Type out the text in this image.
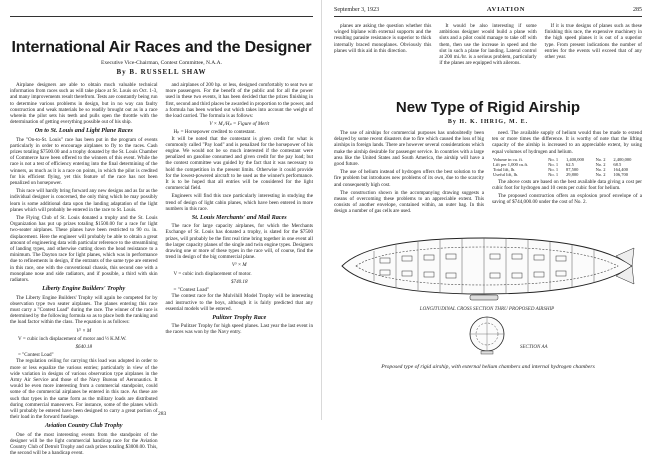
International Air Races and the Designer
Executive Vice-Chairman, Contest Committee, N.A.A.
By B. RUSSELL SHAW

Airplane designers are able to obtain much valuable technical information from races such as will take place at St. Louis on Oct. 1-3, and many improvements result therefrom. Tests are constantly being run to determine various problems in design, but in no way can faulty construction and weak materials be so readily brought out as in a race wherein the pilot sets his teeth and pulls open the throttle with the determination of getting everything possible out of his ship.

On to St. Louis and Light Plane Races

The "On-to-St. Louis" race has been put in the program of events particularly in order to encourage airplanes to fly to the races. Cash prizes totaling $7500.00 and a trophy donated by the St. Louis Chamber of Commerce have been offered to the winners of this event. While the race is not a test of efficiency entering into the final determining of the winners, as much as it is a race on points, in which the pilot is credited for his efficient flying, yet this feature of the race has not been penalized on horsepower.

This race will hardly bring forward any new designs and as far as the individual designer is concerned, the only thing which he may possibly learn is some additional data upon the landing adaptation of the light planes which will probably be entered in the race to St. Louis.

The Flying Club of St. Louis donated a trophy and the St. Louis Organization has put up prizes totaling $1500.00 for a race for light two-seater airplanes. These planes have been restricted to 90 cu. in. displacement. Here the engineer will probably be able to obtain a great amount of engineering data with particular reference to the streamlining of landing types, and otherwise cutting down the head resistance to a minimum. The Dayton race for light planes, which was in performance due to refinements in design, if the entrants of the same type are entered in this race, one with the conventional chassis, this second one with a monoplane nose and side radiators, and if possible, a third with skin radiators.

Liberty Engine Builders' Trophy

The Liberty Engine Builders' Trophy will again be competed for by observation type two seater airplanes. The planes entering this race must carry a "Contest Load" during the race. The winner of the race is determined by the following formula so as to place both the ranking and the load factor within the class. The equation is as follows:

V² × M

V = cubic inch displacement of motor and ½ K.M.W.

$640.18

= "Contest Load"

The regulation ceiling for carrying this load was adopted in order to more or less equalize the various entries; particularly in view of the wide variation in designs of various observation type airplanes in the Army Air Service and those of the Navy Bureau of Aeronautics. It would be even more interesting from a commercial standpoint, could some of the commercial airplanes be entered in this race. As these are such that types in the same form as the military loads are distributed during commercial maneuvers. For instance, some of the planes which will probably be entered have been designed to carry a great portion of their load in the forward fuselage.

Aviation Country Club Trophy

One of the most interesting events from the standpoint of the designer will be the light commercial handicap race for the Aviation Country Club of Detroit Trophy and cash prizes totaling $3000.00. This, the second will be a handicap event.

and airplanes of 200 hp. or less, designed comfortably to seat two or more passengers. For the benefit of the public and for all the power used in these two events, it has been decided that the prizes finishing in first, second and third places be awarded in proportion to the power, and a formula has been worked out which takes into account the weight of the load carried. The formula is as follows:

V × M₁/Hₚ = Figure of Merit

Hₚ = Horsepower credited to contestant.

It will be noted that the contestant is given credit for what is commonly called "Pay load" and is penalized for the horsepower of his engine. We would not be so much interested if the contestant were penalized on gasoline consumed and given credit for the pay load; but the contest committee was guided by the fact that it was necessary to hold the competition in the present limits. Otherwise it could provide for the lowest-powered aircraft to be used as the winner's performance. It is to be hoped that all entries will be considered for the light commercial field.

Engineers will find this race particularly interesting in studying the trend of design of light cabin planes, which have been entered in more numbers in this race.

St. Louis Merchants' and Mail Races

The race for large capacity airplanes, for which the Merchants Exchange of St. Louis has donated a trophy, is slated for the $7500 prizes, will probably be the first real time bring together in one event all the larger capacity planes of the single and twin engine types. Designers drawing one or more of these types in the race will, of course, find the trend in design of the big commercial plane.

V³ × M

V = cubic inch displacement of motor.

$740.18

= "Contest Load"

The contest race for the Mulvihill Model Trophy will be interesting and instructive to the boys, although it is fairly predicted that any essential models will be entered.

Pulitzer Trophy Race

The Pulitzer Trophy for high speed planes. Last year the last event in the races was won by the Navy entry.

283
September 3, 1923	AVIATION	285

planes are asking the question whether this winged biplane with external supports and the resulting parasite resistance is superior to thick internally braced monoplanes. Obviously this planes will this aid in this direction.

It would be also interesting if some ambitious designer would build a plane with slots and a pilot could manage to take off with them, then use the increase in speed and the slot in such a plane for landing. Lateral control at 200 mi./hr. is a serious problem, particularly if the planes are equipped with ailerons.

If it is true designs of planes such as these finishing this race, the expensive machinery in the high speed planes it is out of a superior type. From present indications the number of entries for the events will exceed that of any other year.

New Type of Rigid Airship
By H. K. IHRIG, M. E.

The use of airships for commercial purposes has undoubtedly been delayed by some recent disasters due to fire which caused the loss of big airships in foreign lands. There are however several considerations which make the airship desirable for passenger service. In countries with a large area like the United States and South America, the airship will have a good future.

The use of helium instead of hydrogen offers the best solution to the fire problem but introduces new problems of its own, due to the scarcity and consequently high cost.

The construction shown in the accompanying drawing suggests a means of overcoming these problems to an appreciable extent. This consists of another envelope, contained within, an outer bag. In this design a number of gas cells are used.

need. The available supply of helium would thus be made to extend ten or more times the difference. It is worthy of note that the lifting capacity of the airship is increased to an appreciable extent, by using equal volumes of hydrogen and helium.

Volume in cu. ft.	No. 1	1,400,000	No. 2	2,400,000
Lift per 1,000 cu.ft.	No. 1	62.5	No. 2	68.5
Total lift, lb.	No. 1	87,500	No. 2	164,400
Useful lift, lb.	No. 1	29,800	No. 2	106,700

The above costs are based on the best available data giving a cost per cubic foot for hydrogen and 10 cents per cubic foot for helium.

The proposed construction offers an explosion proof envelope of a saving of $744,000.00 under the cost of No. 2.

LONGITUDINAL CROSS SECTION THRU PROPOSED AIRSHIP
SECTION AA
Proposed type of rigid airship, with external helium chambers and internal hydrogen chambers
